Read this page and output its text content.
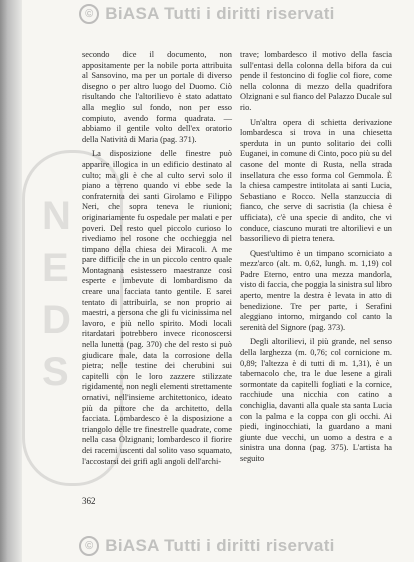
© BiASA Tutti i diritti riservati
N
E
D
S

secondo dice il documento, non appositamente per la nobile porta attribuita al Sansovino, ma per un portale di diverso disegno o per altro luogo del Duomo. Ciò risultando che l'altorilievo è stato adattato alla meglio sul fondo, non per esso compiuto, avendo forma quadrata. — abbiamo il gentile volto dell'ex oratorio della Natività di Maria (pag. 371).

La disposizione delle finestre può apparire illogica in un edificio destinato al culto; ma gli è che al culto servì solo il piano a terreno quando vi ebbe sede la confraternita dei santi Girolamo e Filippo Neri, che sopra teneva le riunioni; originariamente fu ospedale per malati e per poveri. Del resto quel piccolo curioso lo rivediamo nel rosone che occhieggia nel timpano della chiesa dei Miracoli. A me pare difficile che in un piccolo centro quale Montagnana esistessero maestranze così esperte e imbevute di lombardismo da creare una facciata tanto gentile. E sarei tentato di attribuirla, se non proprio ai maestri, a persona che gli fu vicinissima nel lavoro, e più nello spirito. Modi locali ritardatari potrebbero invece riconoscersi nella lunetta (pag. 370) che del resto si può giudicare male, data la corrosione della pietra; nelle testine dei cherubini sui capitelli con le loro zazzere stilizzate rigidamente, non negli elementi strettamente ornativi, nell'insieme architettonico, ideato più da pittore che da architetto, della facciata. Lombardesco è la disposizione a triangolo delle tre finestrelle quadrate, come nella casa Olzignani; lombardesco il fiorire dei racemi uscenti dal solito vaso squamato, l'accostarsi dei grifi agli angoli dell'archi-

trave; lombardesco il motivo della fascia sull'entasi della colonna della bifora da cui pende il festoncino di foglie col fiore, come nella colonna di mezzo della quadrifora Olzignani e sul fianco del Palazzo Ducale sul rio.

Un'altra opera di schietta derivazione lombardesca si trova in una chiesetta sperduta in un punto solitario dei colli Euganei, in comune di Cinto, poco più su del casone del monte di Rusta, nella strada insellatura che esso forma col Gemmola. È la chiesa campestre intitolata ai santi Lucia, Sebastiano e Rocco. Nella stanzuccia di fianco, che serve di sacristia (la chiesa è ufficiata), c'è una specie di andito, che vi conduce, ciascuno murati tre altorilievi e un bassorilievo di pietra tenera.

Quest'ultimo è un timpano scorniciato a mezz'arco (alt. m. 0,62, lungh. m. 1,19) col Padre Eterno, entro una mezza mandorla, visto di faccia, che poggia la sinistra sul libro aperto, mentre la destra è levata in atto di benedizione. Tre per parte, i Serafini aleggiano intorno, mirgando col canto la serenità del Signore (pag. 373).

Degli altorilievi, il più grande, nel senso della larghezza (m. 0,76; col cornicione m. 0,89; l'altezza è di tutti di m. 1,31), è un tabernacolo che, tra le due lesene a girali sormontate da capitelli fogliati e la cornice, racchiude una nicchia con catino a conchiglia, davanti alla quale sta santa Lucia con la palma e la coppa con gli occhi. Ai piedi, inginocchiati, la guardano a mani giunte due vecchi, un uomo a destra e a sinistra una donna (pag. 375). L'artista ha seguito

362
© BiASA Tutti i diritti riservati
